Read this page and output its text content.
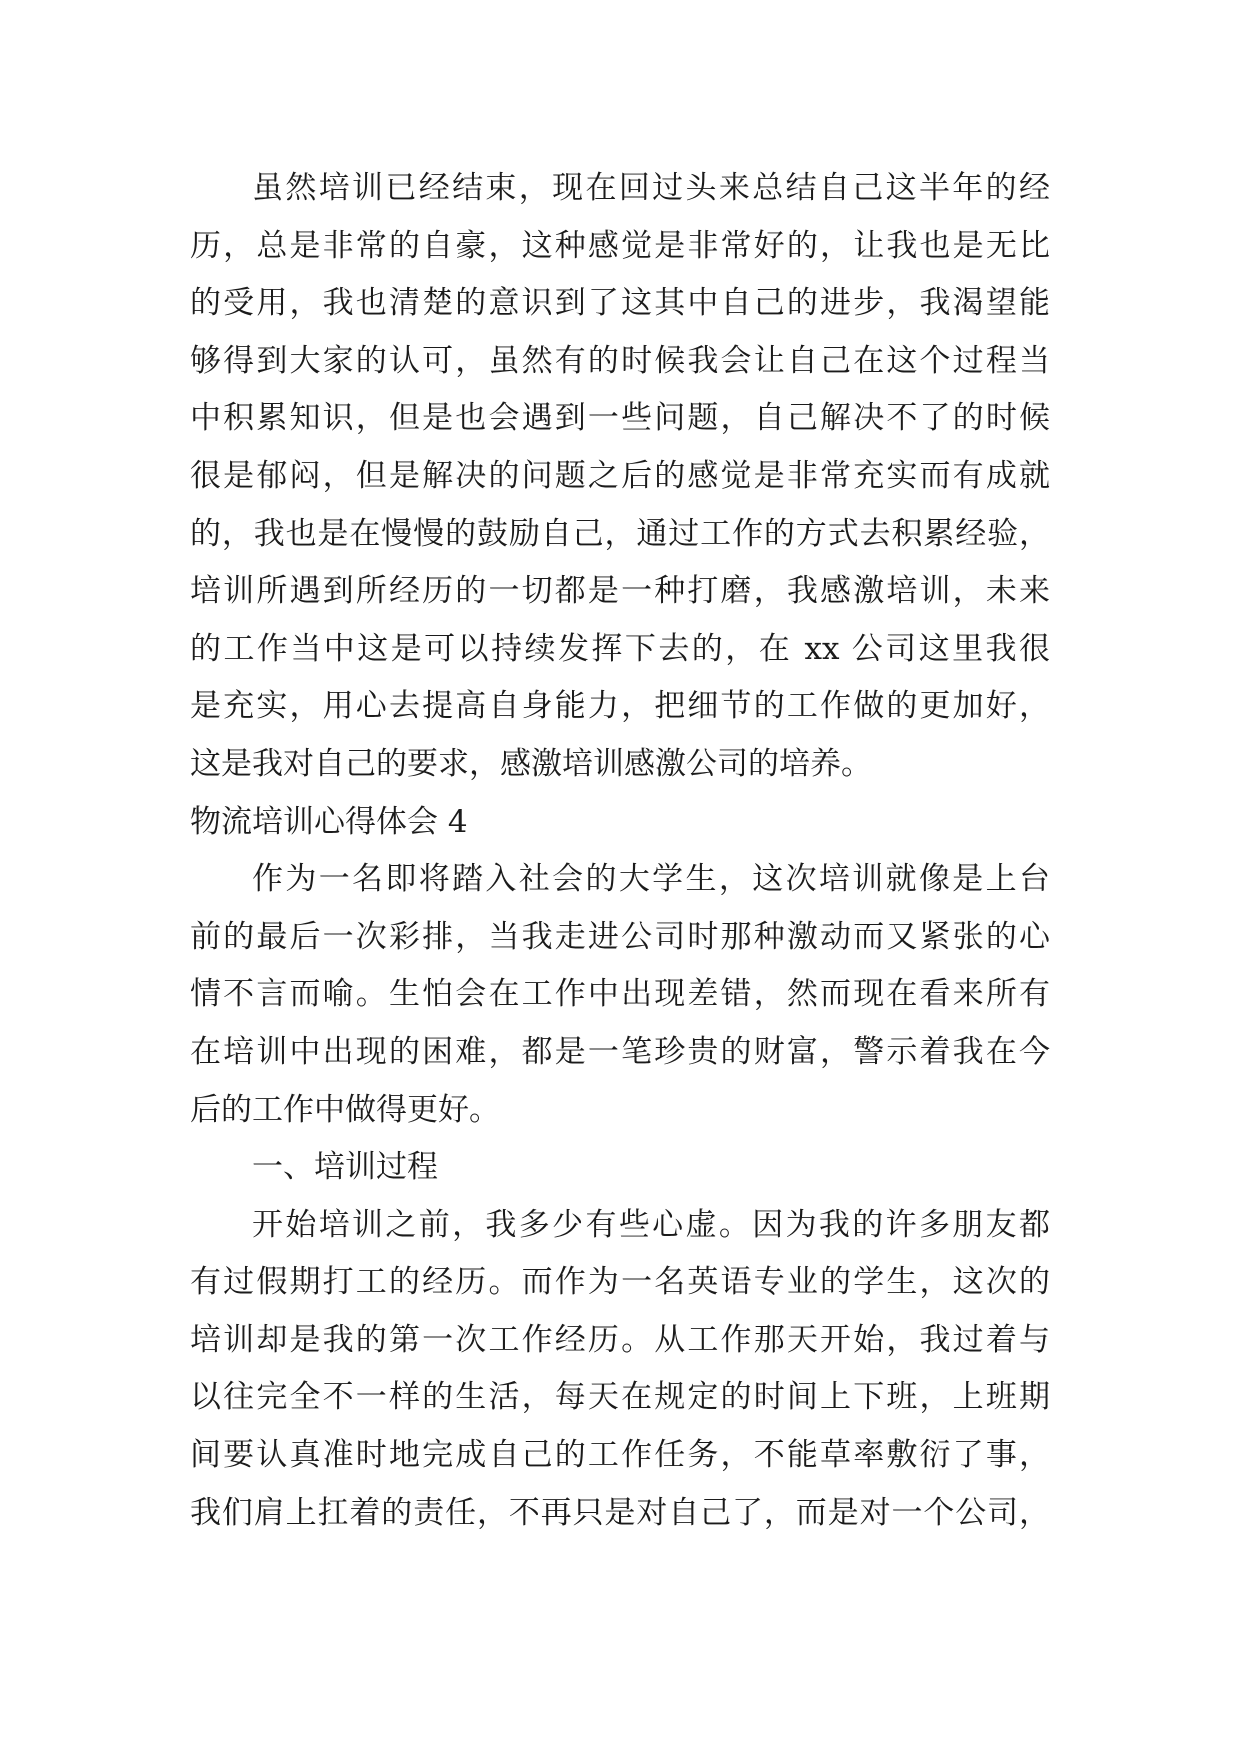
虽然培训已经结束，现在回过头来总结自己这半年的经
历，总是非常的自豪，这种感觉是非常好的，让我也是无比
的受用，我也清楚的意识到了这其中自己的进步，我渴望能
够得到大家的认可，虽然有的时候我会让自己在这个过程当
中积累知识，但是也会遇到一些问题，自己解决不了的时候
很是郁闷，但是解决的问题之后的感觉是非常充实而有成就
的，我也是在慢慢的鼓励自己，通过工作的方式去积累经验，
培训所遇到所经历的一切都是一种打磨，我感激培训，未来
的工作当中这是可以持续发挥下去的，在 xx 公司这里我很
是充实，用心去提高自身能力，把细节的工作做的更加好，
这是我对自己的要求，感激培训感激公司的培养。
物流培训心得体会 4
作为一名即将踏入社会的大学生，这次培训就像是上台
前的最后一次彩排，当我走进公司时那种激动而又紧张的心
情不言而喻。生怕会在工作中出现差错，然而现在看来所有
在培训中出现的困难，都是一笔珍贵的财富，警示着我在今
后的工作中做得更好。
一、培训过程
开始培训之前，我多少有些心虚。因为我的许多朋友都
有过假期打工的经历。而作为一名英语专业的学生，这次的
培训却是我的第一次工作经历。从工作那天开始，我过着与
以往完全不一样的生活，每天在规定的时间上下班，上班期
间要认真准时地完成自己的工作任务，不能草率敷衍了事，
我们肩上扛着的责任，不再只是对自己了，而是对一个公司，
